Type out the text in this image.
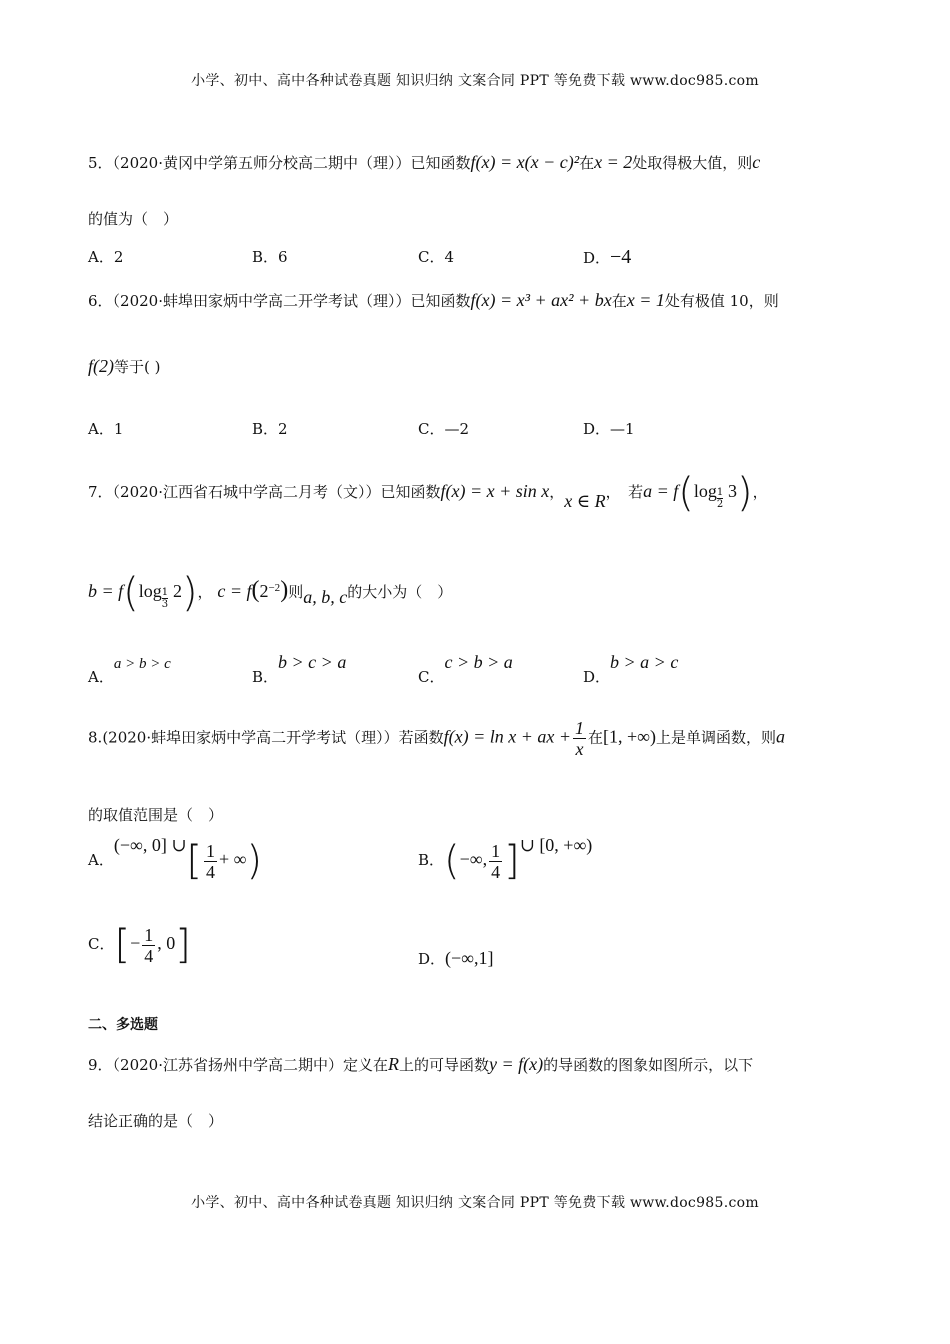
小学、初中、高中各种试卷真题 知识归纳 文案合同 PPT 等免费下载 www.doc985.com
5．（2020·黄冈中学第五师分校高二期中（理））已知函数f(x) = x(x − c)²在x = 2处取得极大值，则c
的值为（　）
A．2	B．6	C．4	D．−4
6．（2020·蚌埠田家炳中学高二开学考试（理））已知函数f(x) = x³ + ax² + bx在x = 1处有极值 10，则
f(2)等于( )
A．1	B．2	C．—2	D．—1
7．（2020·江西省石城中学高二月考（文））已知函数f(x) = x + sin x，x ∈ R，　若$a = f(\log \frac{1}{2} 3)$，
$b = f(\log \frac{1}{3} 2)$， $c = f(2^{-2})$则a, b, c的大小为（　）
A．a > b > c
B．b > c > a
C．c > b > a
D．b > a > c
8.(2020·蚌埠田家炳中学高二开学考试（理））若函数f(x) = ln x + ax + $\frac{1}{x}$ 在[1, +∞)上是单调函数，则a
的取值范围是（　）
A．(−∞, 0] ∪[ $\frac{1}{4}$ + ∞)	B．(−∞, $\frac{1}{4}$ ]∪ [0, +∞)
C．[− $\frac{1}{4}$ , 0]	D．(−∞,1]
二、多选题
9．（2020·江苏省扬州中学高二期中）定义在R上的可导函数y = f(x)的导函数的图象如图所示，以下
结论正确的是（　）
小学、初中、高中各种试卷真题 知识归纳 文案合同 PPT 等免费下载 www.doc985.com
